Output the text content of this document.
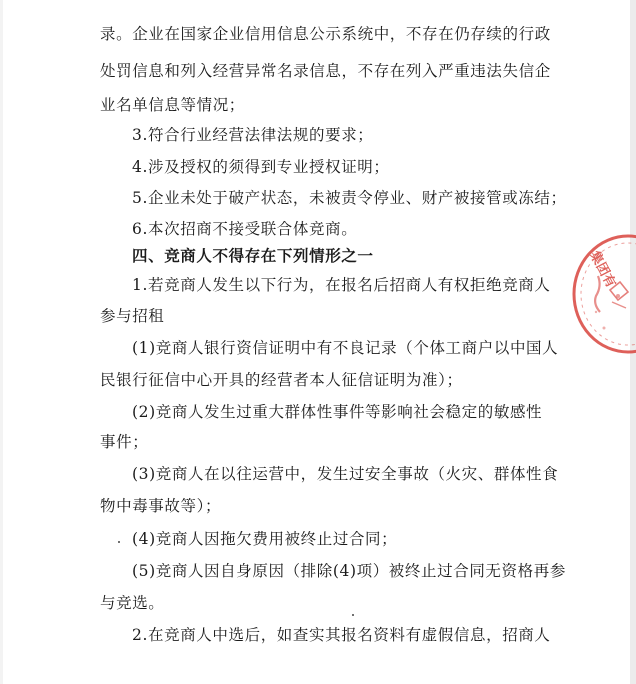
录。企业在国家企业信用信息公示系统中，不存在仍存续的行政
处罚信息和列入经营异常名录信息，不存在列入严重违法失信企
业名单信息等情况；
3.符合行业经营法律法规的要求；
4.涉及授权的须得到专业授权证明；
5.企业未处于破产状态，未被责令停业、财产被接管或冻结；
6.本次招商不接受联合体竞商。
四、竞商人不得存在下列情形之一
1.若竞商人发生以下行为，在报名后招商人有权拒绝竞商人
参与招租
(1)竞商人银行资信证明中有不良记录（个体工商户以中国人
民银行征信中心开具的经营者本人征信证明为准）；
(2)竞商人发生过重大群体性事件等影响社会稳定的敏感性
事件；
(3)竞商人在以往运营中，发生过安全事故（火灾、群体性食
物中毒事故等）；
(4)竞商人因拖欠费用被终止过合同；
(5)竞商人因自身原因（排除(4)项）被终止过合同无资格再参
与竞选。
2.在竞商人中选后，如查实其报名资料有虚假信息，招商人
集团有
